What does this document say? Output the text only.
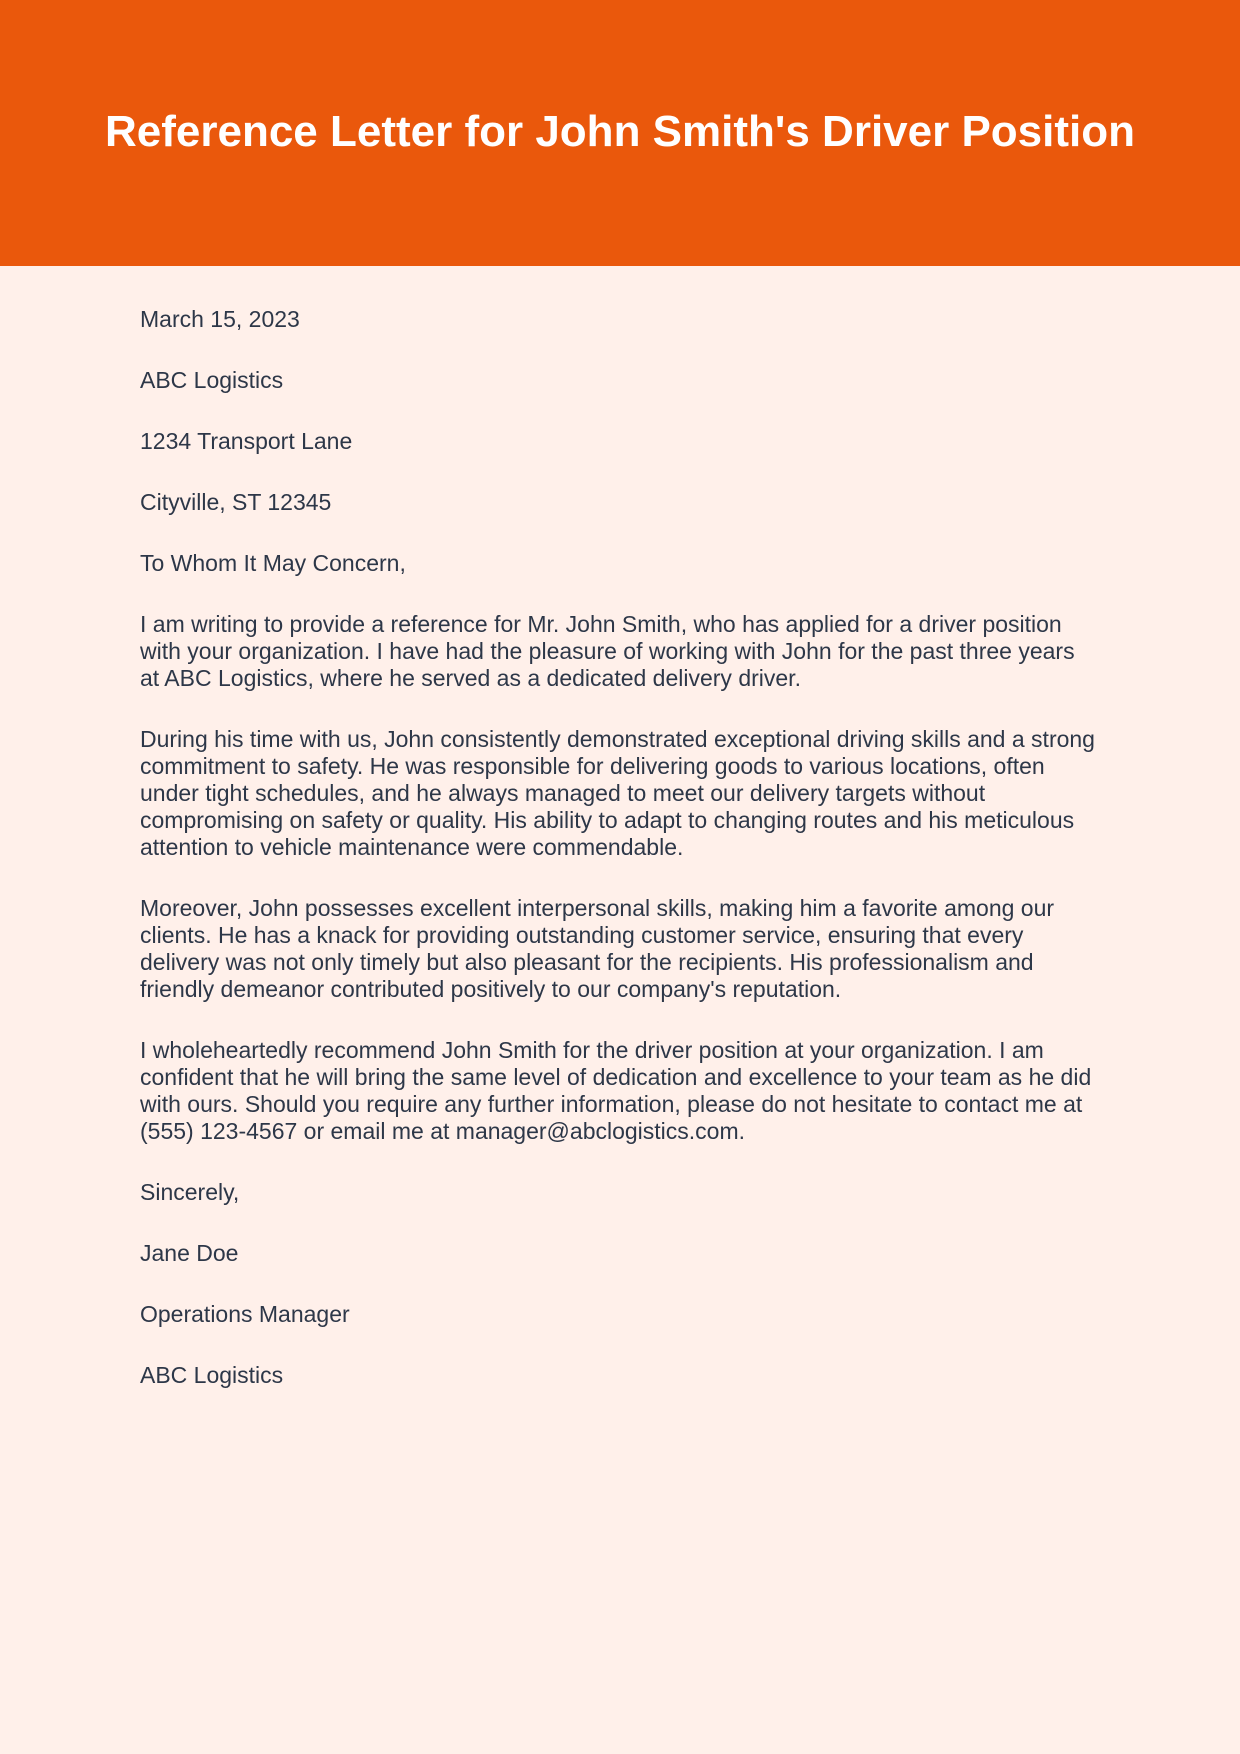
Reference Letter for John Smith's Driver Position

March 15, 2023

ABC Logistics

1234 Transport Lane

Cityville, ST 12345

To Whom It May Concern,

I am writing to provide a reference for Mr. John Smith, who has applied for a driver position with your organization. I have had the pleasure of working with John for the past three years at ABC Logistics, where he served as a dedicated delivery driver.

During his time with us, John consistently demonstrated exceptional driving skills and a strong commitment to safety. He was responsible for delivering goods to various locations, often under tight schedules, and he always managed to meet our delivery targets without compromising on safety or quality. His ability to adapt to changing routes and his meticulous attention to vehicle maintenance were commendable.

Moreover, John possesses excellent interpersonal skills, making him a favorite among our clients. He has a knack for providing outstanding customer service, ensuring that every delivery was not only timely but also pleasant for the recipients. His professionalism and friendly demeanor contributed positively to our company's reputation.

I wholeheartedly recommend John Smith for the driver position at your organization. I am confident that he will bring the same level of dedication and excellence to your team as he did with ours. Should you require any further information, please do not hesitate to contact me at (555) 123-4567 or email me at manager@abclogistics.com.

Sincerely,

Jane Doe

Operations Manager

ABC Logistics
